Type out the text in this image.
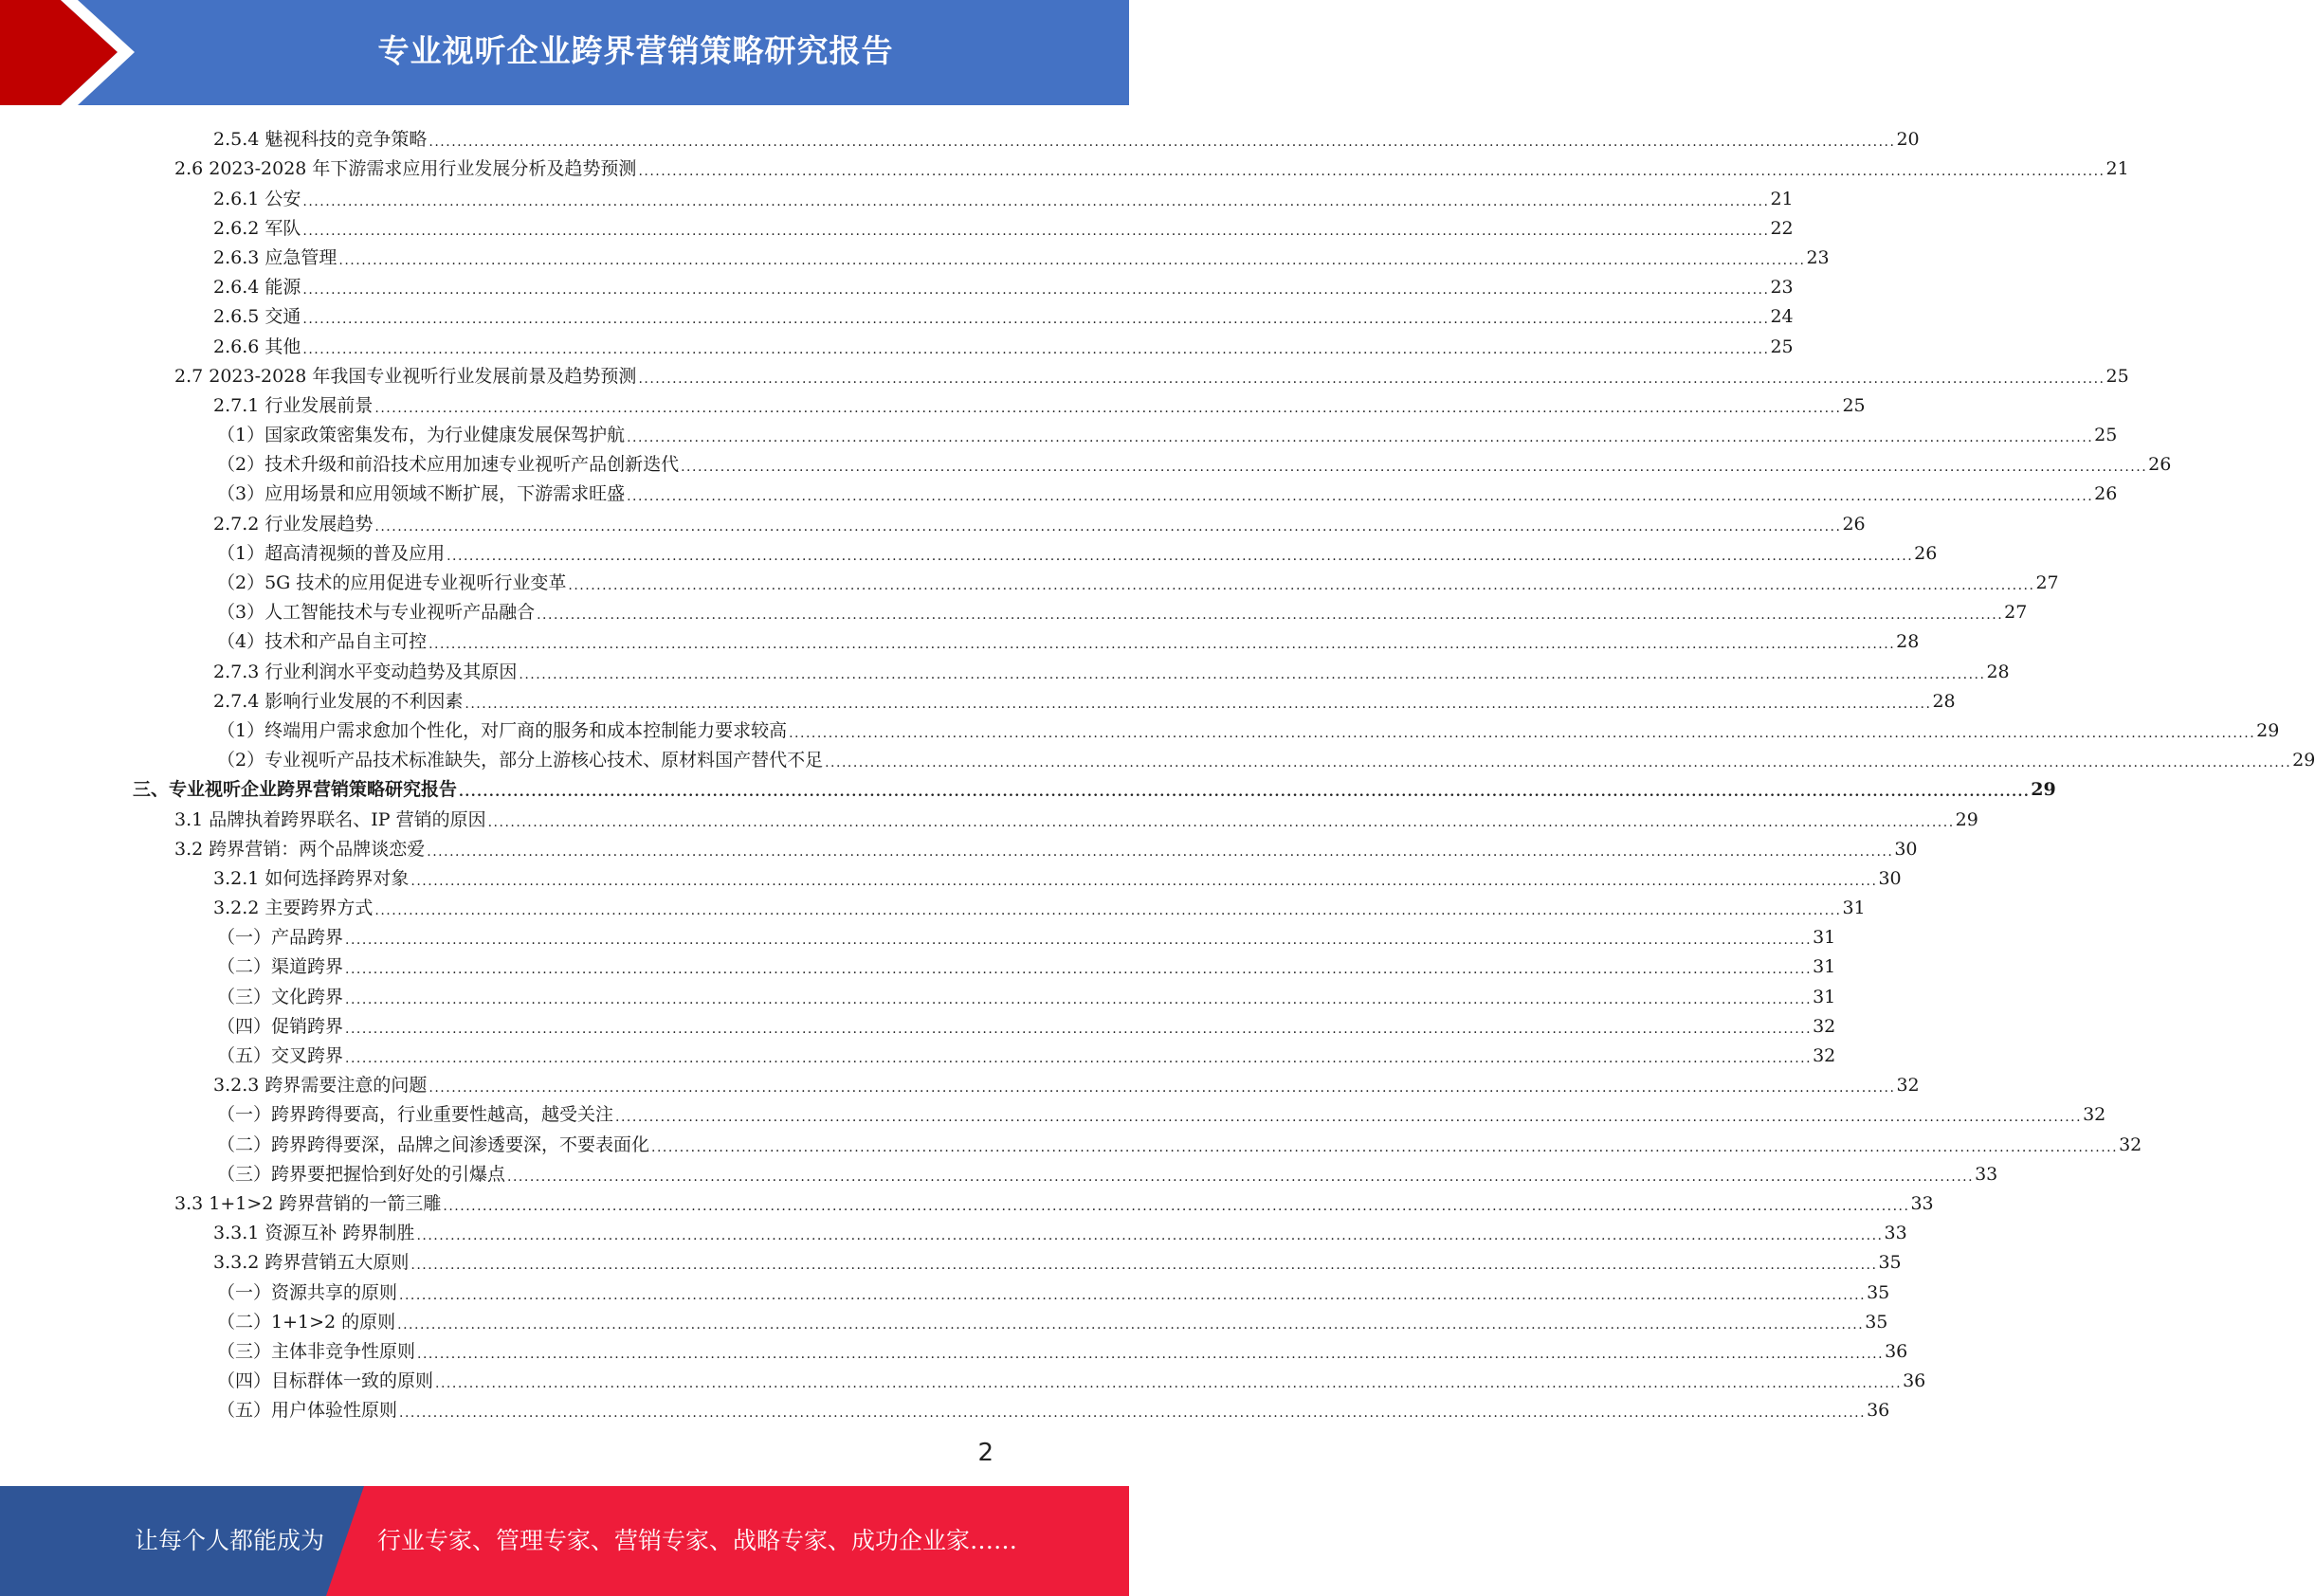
专业视听企业跨界营销策略研究报告
2.5.4 魅视科技的竞争策略 .................................................................................................................................................................................................................................................................... 20
2.6 2023-2028 年下游需求应用行业发展分析及趋势预测 .................................................................................................................................................................................................................................................................... 21
2.6.1 公安 .................................................................................................................................................................................................................................................................... 21
2.6.2 军队 .................................................................................................................................................................................................................................................................... 22
2.6.3 应急管理 .................................................................................................................................................................................................................................................................... 23
2.6.4 能源 .................................................................................................................................................................................................................................................................... 23
2.6.5 交通 .................................................................................................................................................................................................................................................................... 24
2.6.6 其他 .................................................................................................................................................................................................................................................................... 25
2.7 2023-2028 年我国专业视听行业发展前景及趋势预测 .................................................................................................................................................................................................................................................................... 25
2.7.1 行业发展前景 .................................................................................................................................................................................................................................................................... 25
（1）国家政策密集发布，为行业健康发展保驾护航 .................................................................................................................................................................................................................................................................... 25
（2）技术升级和前沿技术应用加速专业视听产品创新迭代 .................................................................................................................................................................................................................................................................... 26
（3）应用场景和应用领域不断扩展，下游需求旺盛 .................................................................................................................................................................................................................................................................... 26
2.7.2 行业发展趋势 .................................................................................................................................................................................................................................................................... 26
（1）超高清视频的普及应用 .................................................................................................................................................................................................................................................................... 26
（2）5G 技术的应用促进专业视听行业变革 .................................................................................................................................................................................................................................................................... 27
（3）人工智能技术与专业视听产品融合 .................................................................................................................................................................................................................................................................... 27
（4）技术和产品自主可控 .................................................................................................................................................................................................................................................................... 28
2.7.3 行业利润水平变动趋势及其原因 .................................................................................................................................................................................................................................................................... 28
2.7.4 影响行业发展的不利因素 .................................................................................................................................................................................................................................................................... 28
（1）终端用户需求愈加个性化，对厂商的服务和成本控制能力要求较高 .................................................................................................................................................................................................................................................................... 29
（2）专业视听产品技术标准缺失，部分上游核心技术、原材料国产替代不足 .................................................................................................................................................................................................................................................................... 29
三、专业视听企业跨界营销策略研究报告 .................................................................................................................................................................................................................................................................... 29
3.1 品牌执着跨界联名、IP 营销的原因 .................................................................................................................................................................................................................................................................... 29
3.2 跨界营销：两个品牌谈恋爱 .................................................................................................................................................................................................................................................................... 30
3.2.1 如何选择跨界对象 .................................................................................................................................................................................................................................................................... 30
3.2.2 主要跨界方式 .................................................................................................................................................................................................................................................................... 31
（一）产品跨界 .................................................................................................................................................................................................................................................................... 31
（二）渠道跨界 .................................................................................................................................................................................................................................................................... 31
（三）文化跨界 .................................................................................................................................................................................................................................................................... 31
（四）促销跨界 .................................................................................................................................................................................................................................................................... 32
（五）交叉跨界 .................................................................................................................................................................................................................................................................... 32
3.2.3 跨界需要注意的问题 .................................................................................................................................................................................................................................................................... 32
（一）跨界跨得要高，行业重要性越高，越受关注 .................................................................................................................................................................................................................................................................... 32
（二）跨界跨得要深，品牌之间渗透要深，不要表面化 .................................................................................................................................................................................................................................................................... 32
（三）跨界要把握恰到好处的引爆点 .................................................................................................................................................................................................................................................................... 33
3.3 1+1>2 跨界营销的一箭三雕 .................................................................................................................................................................................................................................................................... 33
3.3.1 资源互补 跨界制胜 .................................................................................................................................................................................................................................................................... 33
3.3.2 跨界营销五大原则 .................................................................................................................................................................................................................................................................... 35
（一）资源共享的原则 .................................................................................................................................................................................................................................................................... 35
（二）1+1>2 的原则 .................................................................................................................................................................................................................................................................... 35
（三）主体非竞争性原则 .................................................................................................................................................................................................................................................................... 36
（四）目标群体一致的原则 .................................................................................................................................................................................................................................................................... 36
（五）用户体验性原则 .................................................................................................................................................................................................................................................................... 36
2
让每个人都能成为 行业专家、管理专家、营销专家、战略专家、成功企业家……
